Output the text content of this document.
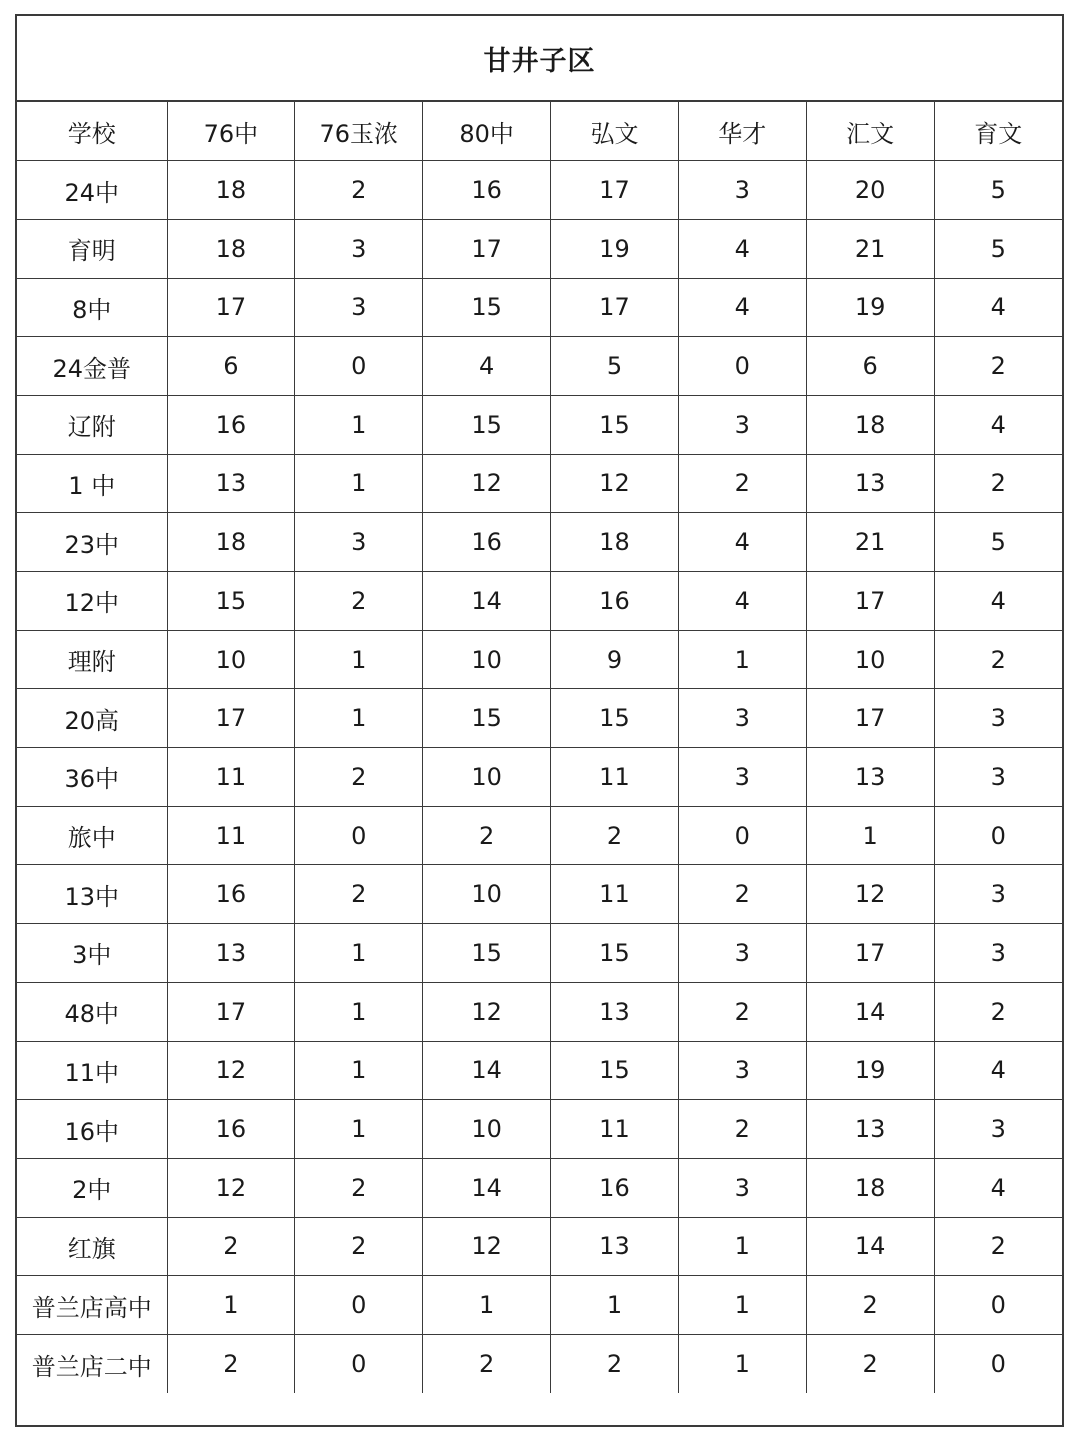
甘井子区
学校	76中	76玉浓	80中	弘文	华才	汇文	育文
24中	18	2	16	17	3	20	5
育明	18	3	17	19	4	21	5
8中	17	3	15	17	4	19	4
24金普	6	0	4	5	0	6	2
辽附	16	1	15	15	3	18	4
1 中	13	1	12	12	2	13	2
23中	18	3	16	18	4	21	5
12中	15	2	14	16	4	17	4
理附	10	1	10	9	1	10	2
20高	17	1	15	15	3	17	3
36中	11	2	10	11	3	13	3
旅中	11	0	2	2	0	1	0
13中	16	2	10	11	2	12	3
3中	13	1	15	15	3	17	3
48中	17	1	12	13	2	14	2
11中	12	1	14	15	3	19	4
16中	16	1	10	11	2	13	3
2中	12	2	14	16	3	18	4
红旗	2	2	12	13	1	14	2
普兰店高中	1	0	1	1	1	2	0
普兰店二中	2	0	2	2	1	2	0
